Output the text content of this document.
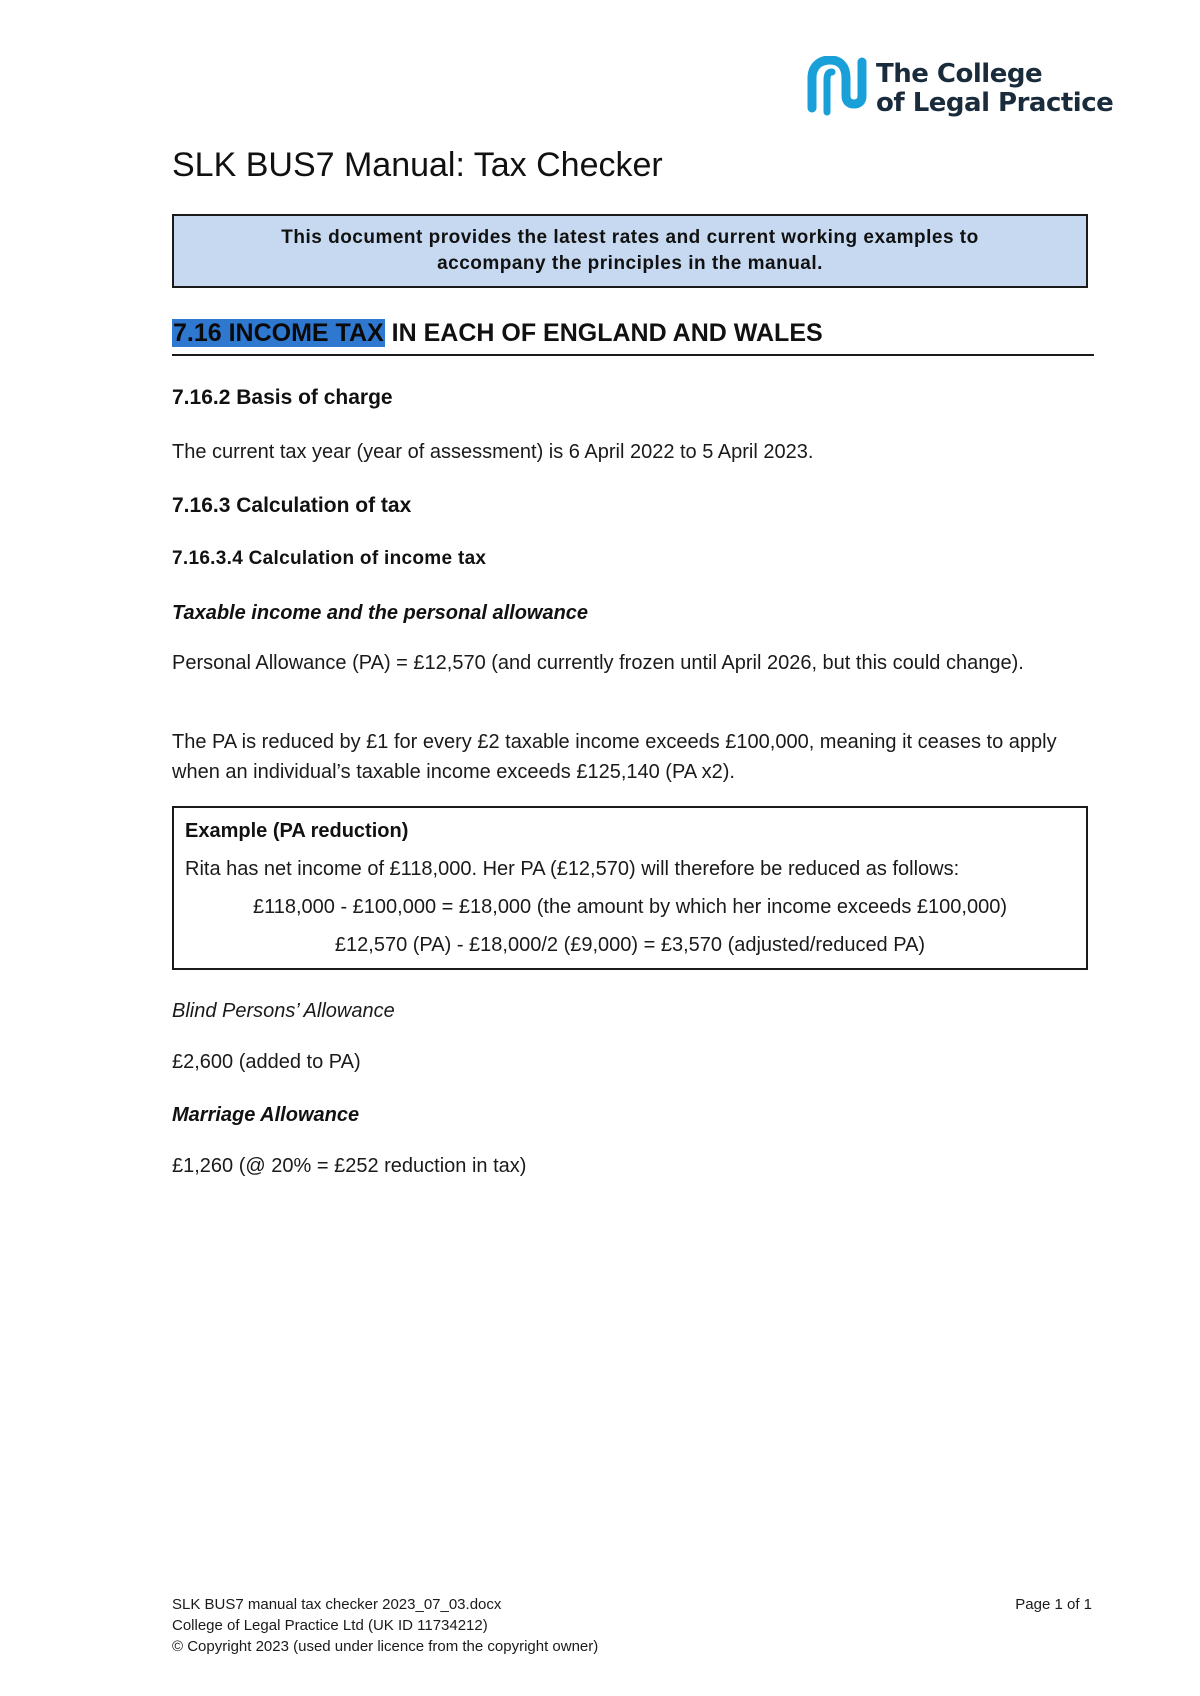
The College
of Legal Practice
SLK BUS7 Manual: Tax Checker
This document provides the latest rates and current working examples to
accompany the principles in the manual.
7.16 INCOME TAX IN EACH OF ENGLAND AND WALES
7.16.2 Basis of charge
The current tax year (year of assessment) is 6 April 2022 to 5 April 2023.
7.16.3 Calculation of tax
7.16.3.4 Calculation of income tax
Taxable income and the personal allowance
Personal Allowance (PA) = £12,570 (and currently frozen until April 2026, but this could change).
The PA is reduced by £1 for every £2 taxable income exceeds £100,000, meaning it ceases to apply when an individual’s taxable income exceeds £125,140 (PA x2).
Example (PA reduction)
Rita has net income of £118,000. Her PA (£12,570) will therefore be reduced as follows:
£118,000 - £100,000 = £18,000 (the amount by which her income exceeds £100,000)
£12,570 (PA) - £18,000/2 (£9,000) = £3,570 (adjusted/reduced PA)
Blind Persons’ Allowance
£2,600 (added to PA)
Marriage Allowance
£1,260 (@ 20% = £252 reduction in tax)
SLK BUS7 manual tax checker 2023_07_03.docx
College of Legal Practice Ltd (UK ID 11734212)
© Copyright 2023 (used under licence from the copyright owner)
Page 1 of 1
